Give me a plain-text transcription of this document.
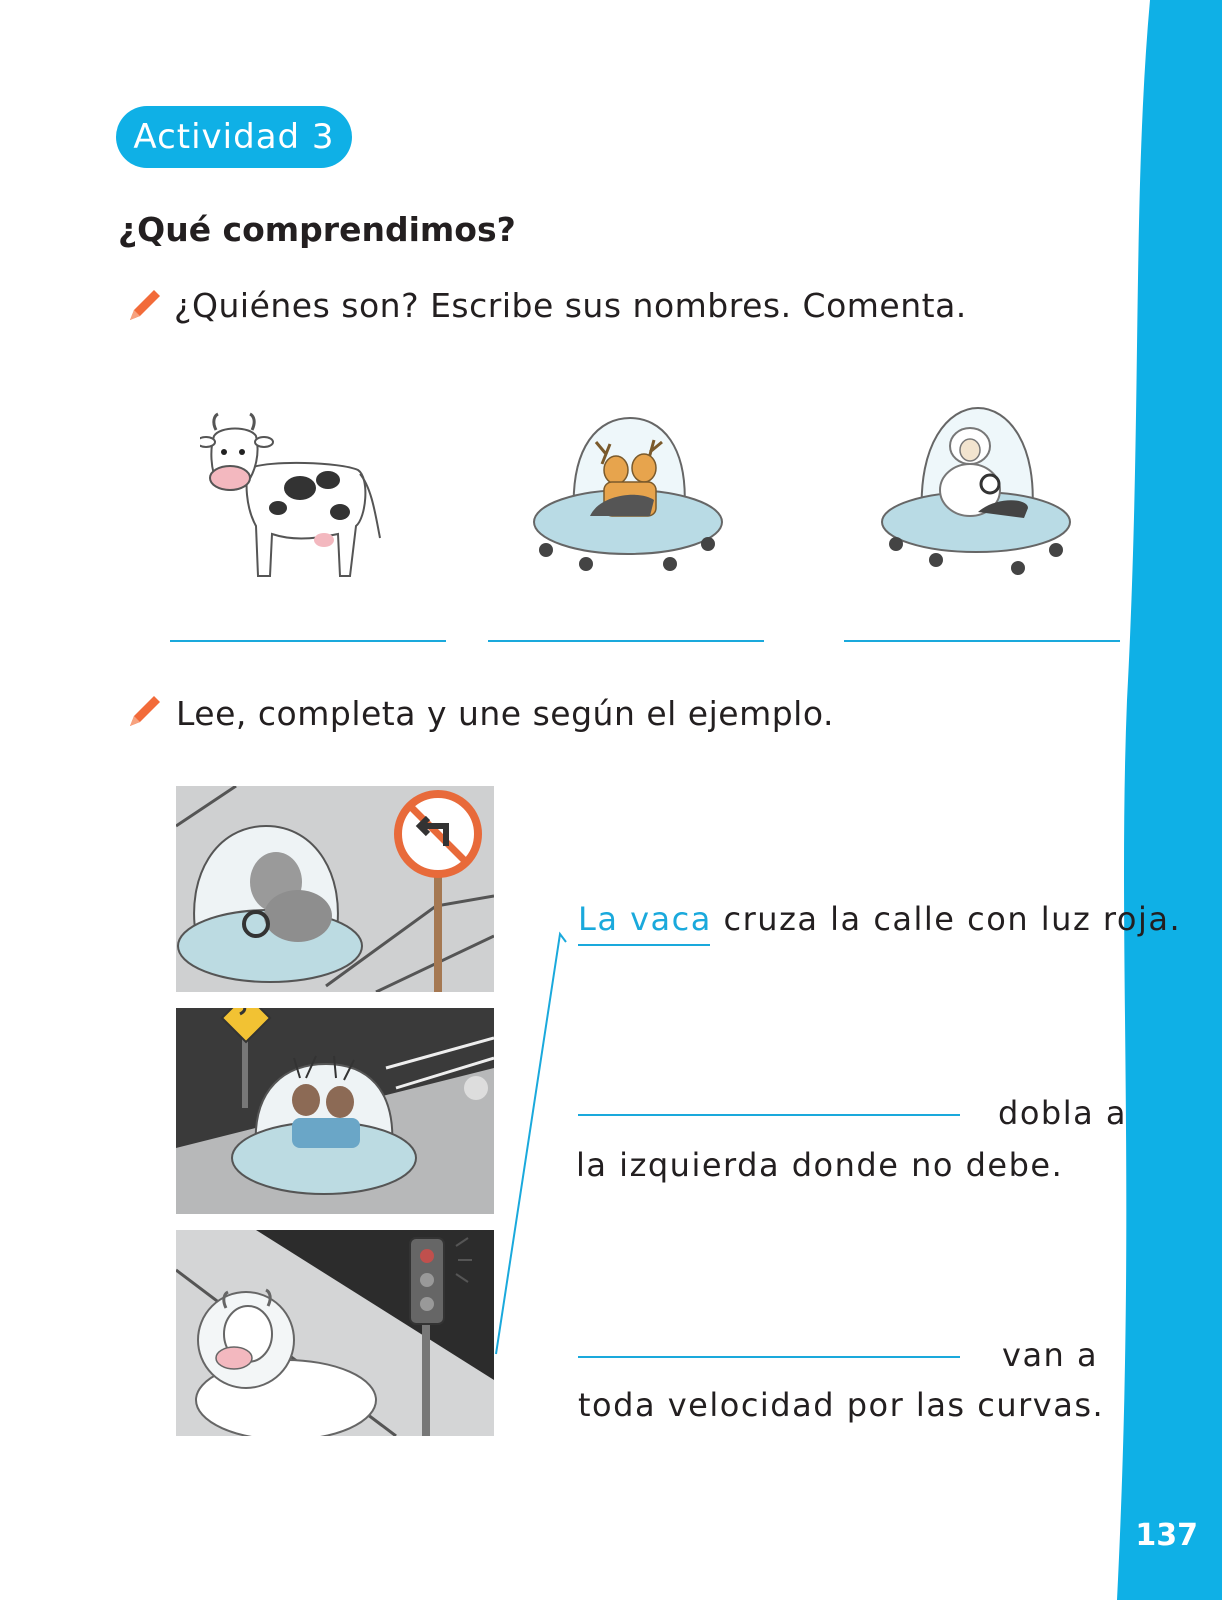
137
Actividad 3
¿Qué comprendimos?
¿Quiénes son? Escribe sus nombres. Comenta.
Lee, completa y une según el ejemplo.
La vaca cruza la calle con luz roja.
dobla a
la izquierda donde no debe.
van a
toda velocidad por las curvas.
